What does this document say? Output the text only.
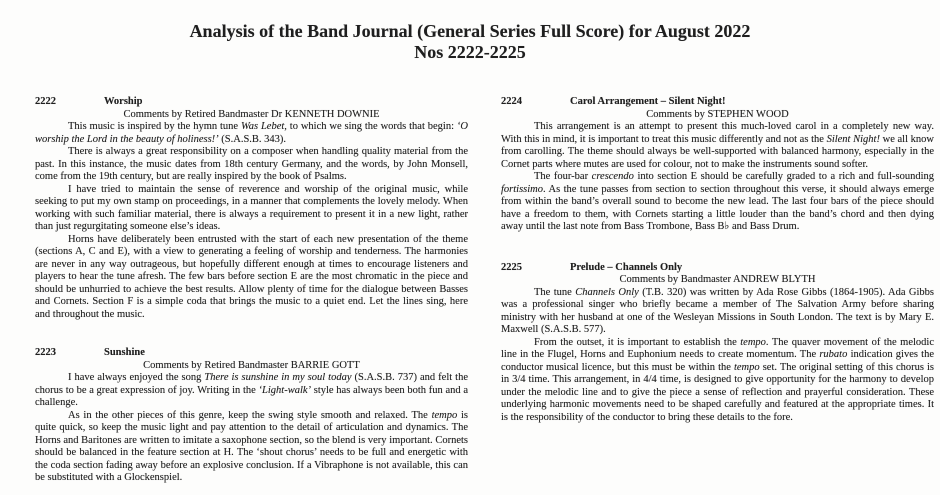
Analysis of the Band Journal (General Series Full Score) for August 2022
Nos 2222-2225
2222	Worship
Comments by Retired Bandmaster Dr KENNETH DOWNIE

This music is inspired by the hymn tune Was Lebet, to which we sing the words that begin: ‘O worship the Lord in the beauty of holiness!’ (S.A.S.B. 343).

There is always a great responsibility on a composer when handling quality material from the past. In this instance, the music dates from 18th century Germany, and the words, by John Monsell, come from the 19th century, but are really inspired by the book of Psalms.

I have tried to maintain the sense of reverence and worship of the original music, while seeking to put my own stamp on proceedings, in a manner that complements the lovely melody. When working with such familiar material, there is always a requirement to present it in a new light, rather than just regurgitating someone else’s ideas.

Horns have deliberately been entrusted with the start of each new presentation of the theme (sections A, C and E), with a view to generating a feeling of worship and tenderness. The harmonies are never in any way outrageous, but hopefully different enough at times to encourage listeners and players to hear the tune afresh. The few bars before section E are the most chromatic in the piece and should be unhurried to achieve the best results. Allow plenty of time for the dialogue between Basses and Cornets. Section F is a simple coda that brings the music to a quiet end. Let the lines sing, here and throughout the music.

2223	Sunshine
Comments by Retired Bandmaster BARRIE GOTT

I have always enjoyed the song There is sunshine in my soul today (S.A.S.B. 737) and felt the chorus to be a great expression of joy. Writing in the ‘Light-walk’ style has always been both fun and a challenge.

As in the other pieces of this genre, keep the swing style smooth and relaxed. The tempo is quite quick, so keep the music light and pay attention to the detail of articulation and dynamics. The Horns and Baritones are written to imitate a saxophone section, so the blend is very important. Cornets should be balanced in the feature section at H. The ‘shout chorus’ needs to be full and energetic with the coda section fading away before an explosive conclusion. If a Vibraphone is not available, this can be substituted with a Glockenspiel.

2224	Carol Arrangement – Silent Night!
Comments by STEPHEN WOOD

This arrangement is an attempt to present this much-loved carol in a completely new way. With this in mind, it is important to treat this music differently and not as the Silent Night! we all know from carolling. The theme should always be well-supported with balanced harmony, especially in the Cornet parts where mutes are used for colour, not to make the instruments sound softer.

The four-bar crescendo into section E should be carefully graded to a rich and full-sounding fortissimo. As the tune passes from section to section throughout this verse, it should always emerge from within the band’s overall sound to become the new lead. The last four bars of the piece should have a freedom to them, with Cornets starting a little louder than the band’s chord and then dying away until the last note from Bass Trombone, Bass B♭ and Bass Drum.

2225	Prelude – Channels Only
Comments by Bandmaster ANDREW BLYTH

The tune Channels Only (T.B. 320) was written by Ada Rose Gibbs (1864-1905). Ada Gibbs was a professional singer who briefly became a member of The Salvation Army before sharing ministry with her husband at one of the Wesleyan Missions in South London. The text is by Mary E. Maxwell (S.A.S.B. 577).

From the outset, it is important to establish the tempo. The quaver movement of the melodic line in the Flugel, Horns and Euphonium needs to create momentum. The rubato indication gives the conductor musical licence, but this must be within the tempo set. The original setting of this chorus is in 3/4 time. This arrangement, in 4/4 time, is designed to give opportunity for the harmony to develop under the melodic line and to give the piece a sense of reflection and prayerful consideration. These underlying harmonic movements need to be shaped carefully and featured at the appropriate times. It is the responsibility of the conductor to bring these details to the fore.
